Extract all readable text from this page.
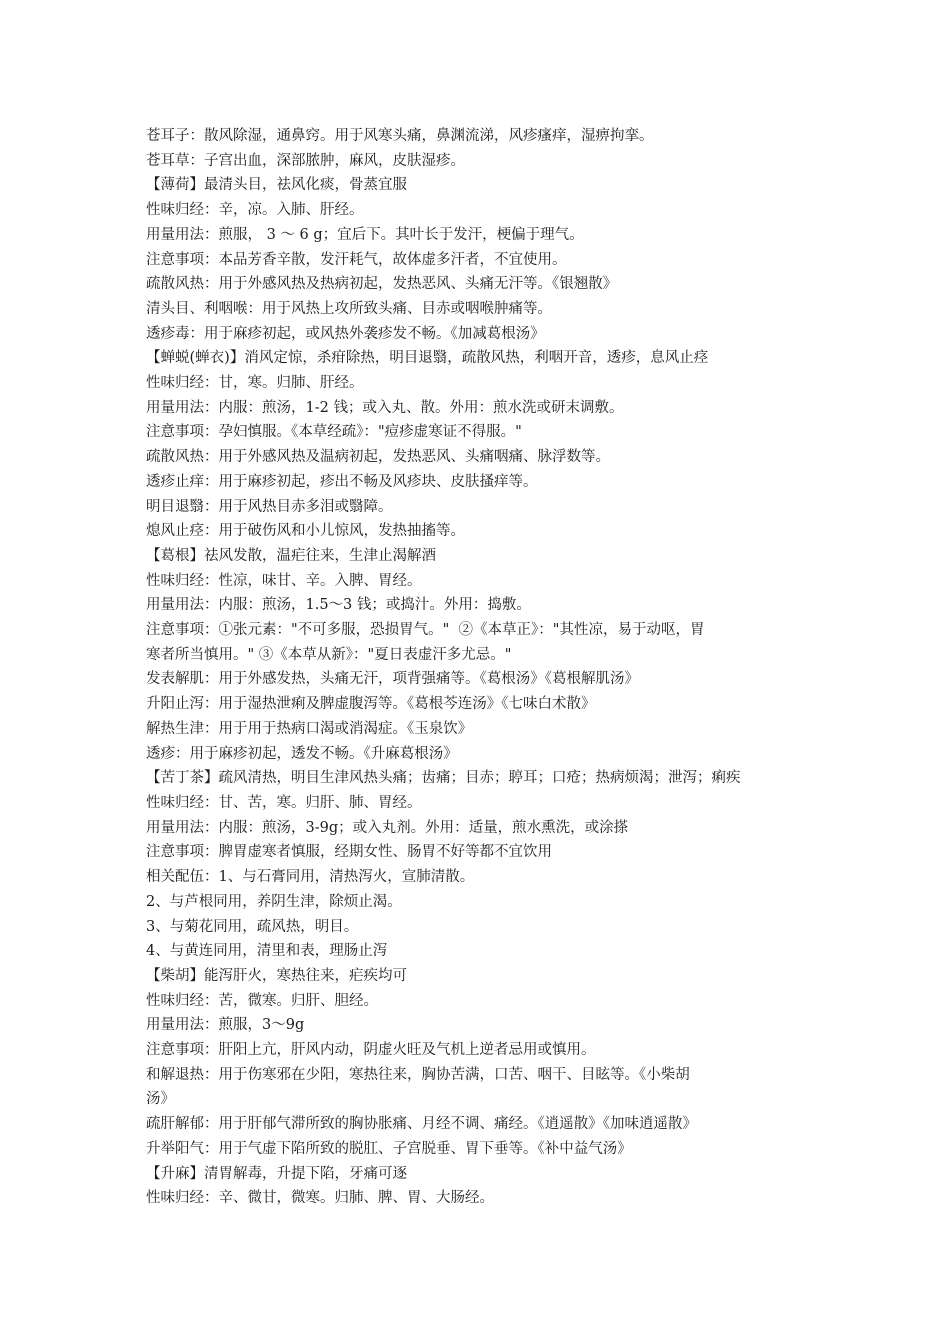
苍耳子：散风除湿，通鼻窍。用于风寒头痛，鼻渊流涕，风疹瘙痒，湿痹拘挛。

苍耳草：子宫出血，深部脓肿，麻风，皮肤湿疹。

【薄荷】最清头目，祛风化痰，骨蒸宜服

性味归经：辛，凉。入肺、肝经。

用量用法：煎服， 3 ～ 6 g；宜后下。其叶长于发汗，梗偏于理气。

注意事项：本品芳香辛散，发汗耗气，故体虚多汗者，不宜使用。

疏散风热：用于外感风热及热病初起，发热恶风、头痛无汗等。《银翘散》

清头目、利咽喉：用于风热上攻所致头痛、目赤或咽喉肿痛等。

透疹毒：用于麻疹初起，或风热外袭疹发不畅。《加减葛根汤》

【蝉蜕(蝉衣)】消风定惊，杀疳除热，明目退翳，疏散风热，利咽开音，透疹，息风止痉

性味归经：甘，寒。归肺、肝经。

用量用法：内服：煎汤，1-2 钱；或入丸、散。外用：煎水洗或研末调敷。

注意事项：孕妇慎服。《本草经疏》："痘疹虚寒证不得服。"

疏散风热：用于外感风热及温病初起，发热恶风、头痛咽痛、脉浮数等。

透疹止痒：用于麻疹初起，疹出不畅及风疹块、皮肤搔痒等。

明目退翳：用于风热目赤多泪或翳障。

熄风止痉：用于破伤风和小儿惊风，发热抽搐等。

【葛根】祛风发散，温疟往来，生津止渴解酒

性味归经：性凉，味甘、辛。入脾、胃经。

用量用法：内服：煎汤，1.5～3 钱；或捣汁。外用：捣敷。

注意事项：①张元素："不可多服，恐损胃气。"  ②《本草正》："其性凉，易于动呕，胃

寒者所当慎用。" ③《本草从新》："夏日表虚汗多尤忌。"

发表解肌：用于外感发热，头痛无汗，项背强痛等。《葛根汤》《葛根解肌汤》

升阳止泻：用于湿热泄痢及脾虚腹泻等。《葛根芩连汤》《七味白术散》

解热生津：用于用于热病口渴或消渴症。《玉泉饮》

透疹：用于麻疹初起，透发不畅。《升麻葛根汤》

【苦丁茶】疏风清热，明目生津风热头痛；齿痛；目赤；聤耳；口疮；热病烦渴；泄泻；痢疾

性味归经：甘、苦，寒。归肝、肺、胃经。

用量用法：内服：煎汤，3-9g；或入丸剂。外用：适量，煎水熏洗，或涂搽

注意事项：脾胃虚寒者慎服，经期女性、肠胃不好等都不宜饮用

相关配伍：1、与石膏同用，清热泻火，宣肺清散。

2、与芦根同用，养阴生津，除烦止渴。

3、与菊花同用，疏风热，明目。

4、与黄连同用，清里和表，理肠止泻

【柴胡】能泻肝火，寒热往来，疟疾均可

性味归经：苦，微寒。归肝、胆经。

用量用法：煎服，3～9g

注意事项：肝阳上亢，肝风内动，阴虚火旺及气机上逆者忌用或慎用。

和解退热：用于伤寒邪在少阳，寒热往来，胸协苦满，口苦、咽干、目眩等。《小柴胡

汤》

疏肝解郁：用于肝郁气滞所致的胸协胀痛、月经不调、痛经。《逍遥散》《加味逍遥散》

升举阳气：用于气虚下陷所致的脱肛、子宫脱垂、胃下垂等。《补中益气汤》

【升麻】清胃解毒，升提下陷，牙痛可逐

性味归经：辛、微甘，微寒。归肺、脾、胃、大肠经。
